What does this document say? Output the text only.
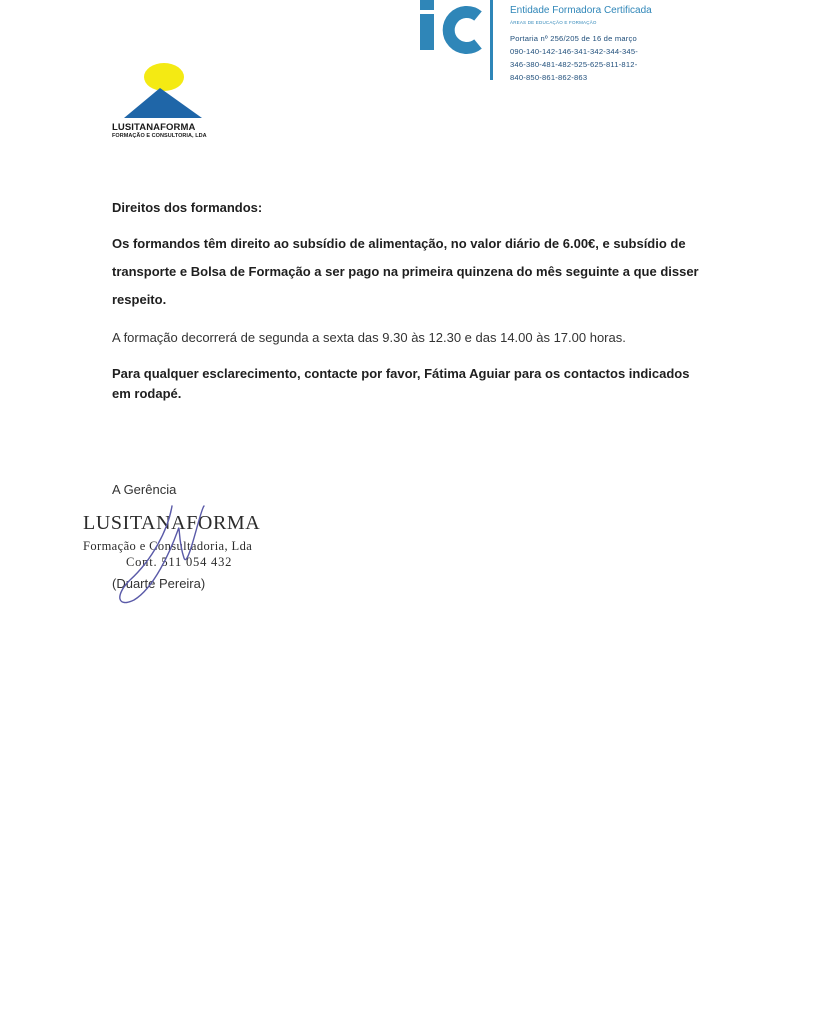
LUSITANAFORMA
FORMAÇÃO E CONSULTORIA, LDA
Entidade Formadora Certificada
ÁREAS DE EDUCAÇÃO E FORMAÇÃO
Portaria nº 256/205 de 16 de março
090-140-142-146-341-342-344-345-
346-380-481-482-525-625-811-812-
840-850-861-862-863
Direitos dos formandos:
Os formandos têm direito ao subsídio de alimentação, no valor diário de 6.00€, e subsídio de
transporte e Bolsa de Formação a ser pago na primeira quinzena do mês seguinte a que disser
respeito.
A formação decorrerá de segunda a sexta das 9.30 às 12.30 e das 14.00 às 17.00 horas.
Para qualquer esclarecimento, contacte por favor, Fátima Aguiar para os contactos indicados
em rodapé.
A Gerência
LUSITANAFORMA
Formação e Consultadoria, Lda
Cont. 511 054 432
(Duarte Pereira)
